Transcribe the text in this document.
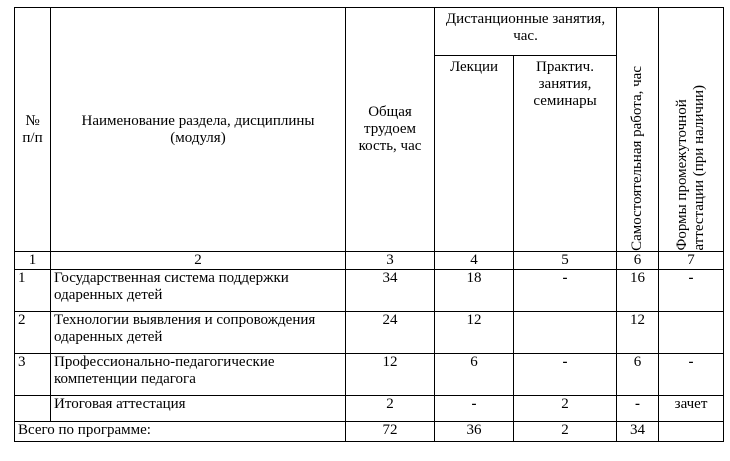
№ п/п	Наименование раздела, дисциплины (модуля)	Общая трудоем кость, час	Дистанционные занятия, час.		Самостоятельная работа, час	Формы промежуточной аттестации (при наличии)

			Лекции	Практич. занятия, семинары		
1	2	3	4	5	6	7
1	Государственная система поддержки одаренных детей	34	18	-	16	-
2	Технологии выявления и сопровождения одаренных детей	24	12		12	
3	Профессионально-педагогические компетенции педагога	12	6	-	6	-
	Итоговая аттестация	2	-	2	-	зачет
Всего по программе:		72	36	2	34	
